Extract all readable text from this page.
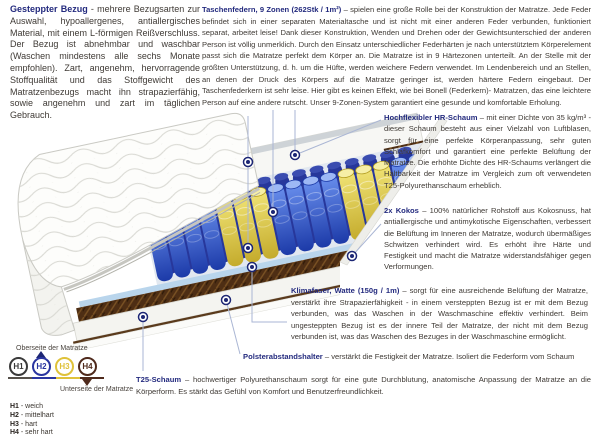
Gesteppter Bezug - mehrere Bezugsarten zur Auswahl, hypoallergenes, antiallergisches Material, mit einem L-förmigen Reißverschluss. Der Bezug ist abnehmbar und waschbar (Waschen mindestens alle sechs Monate empfohlen). Zart, angenehm, hervorragende Stoffqualität und das Stoffgewicht des Matratzenbezugs macht ihn strapazierfähig, sowie angenehm und zart im täglichen Gebrauch.
Taschenfedern, 9 Zonen (262Stk / 1m²) – spielen eine große Rolle bei der Konstruktion der Matratze. Jede Feder befindet sich in einer separaten Materialtasche und ist nicht mit einer anderen Feder verbunden, funktioniert separat, arbeitet leise! Dank dieser Konstruktion, Wenden und Drehen oder der Gewichtsunterschied der anderen Person ist völlig unmerklich. Durch den Einsatz unterschiedlicher Federhärten je nach unterstütztem Körperelement passt sich die Matratze perfekt dem Körper an. Die Matratze ist in 9 Härtezonen unterteilt. An der Stelle mit der größten Unterstützung, d. h. um die Hüfte, werden weichere Federn verwendet. Im Lendenbereich und an Stellen, an denen der Druck des Körpers auf die Matratze geringer ist, werden härtere Federn eingebaut. Der Taschenfederkern ist sehr leise. Hier gibt es keinen Effekt, wie bei Bonell (Federkern)- Matratzen, das eine leichtere Person auf eine andere rutscht. Unser 9-Zonen-System garantiert eine gesunde und komfortable Erholung.
Hochflexibler HR-Schaum – mit einer Dichte von 35 kg/m³ - dieser Schaum besteht aus einer Vielzahl von Luftblasen, sorgt für eine perfekte Körperanpassung, sehr guten Schlafkomfort und garantiert eine perfekte Belüftung der Matratze. Die erhöhte Dichte des HR-Schaums verlängert die Haltbarkeit der Matratze im Vergleich zum oft verwendeten T25-Polyurethanschaum erheblich.
2x Kokos – 100% natürlicher Rohstoff aus Kokosnuss, hat antiallergische und antimykotische Eigenschaften, verbessert die Belüftung im Inneren der Matratze, wodurch übermäßiges Schwitzen verhindert wird. Es erhöht ihre Härte und Festigkeit und macht die Matratze widerstandsfähiger gegen Verformungen.
Klimafaser, Watte (150g / 1m) – sorgt für eine ausreichende Belüftung der Matratze, verstärkt ihre Strapazierfähigkeit - in einem versteppten Bezug ist er mit dem Bezug verbunden, was das Waschen in der Waschmaschine effektiv verhindert. Beim ungesteppten Bezug ist es der innere Teil der Matratze, der nicht mit dem Bezug verbunden ist, was das Waschen des Bezuges in der Waschmaschine ermöglicht.
Polsterabstandshalter – verstärkt die Festigkeit der Matratze. Isoliert die Federform vom Schaum
T25-Schaum – hochwertiger Polyurethanschaum sorgt für eine gute Durchblutung, anatomische Anpassung der Matratze an die Körperform. Es stärkt das Gefühl von Komfort und Benutzerfreundlichkeit.
Oberseite der Matratze
H1	H2	H3	H4
Unterseite der Matratze
H1 - weich
H2 - mittelhart
H3 - hart
H4 - sehr hart
